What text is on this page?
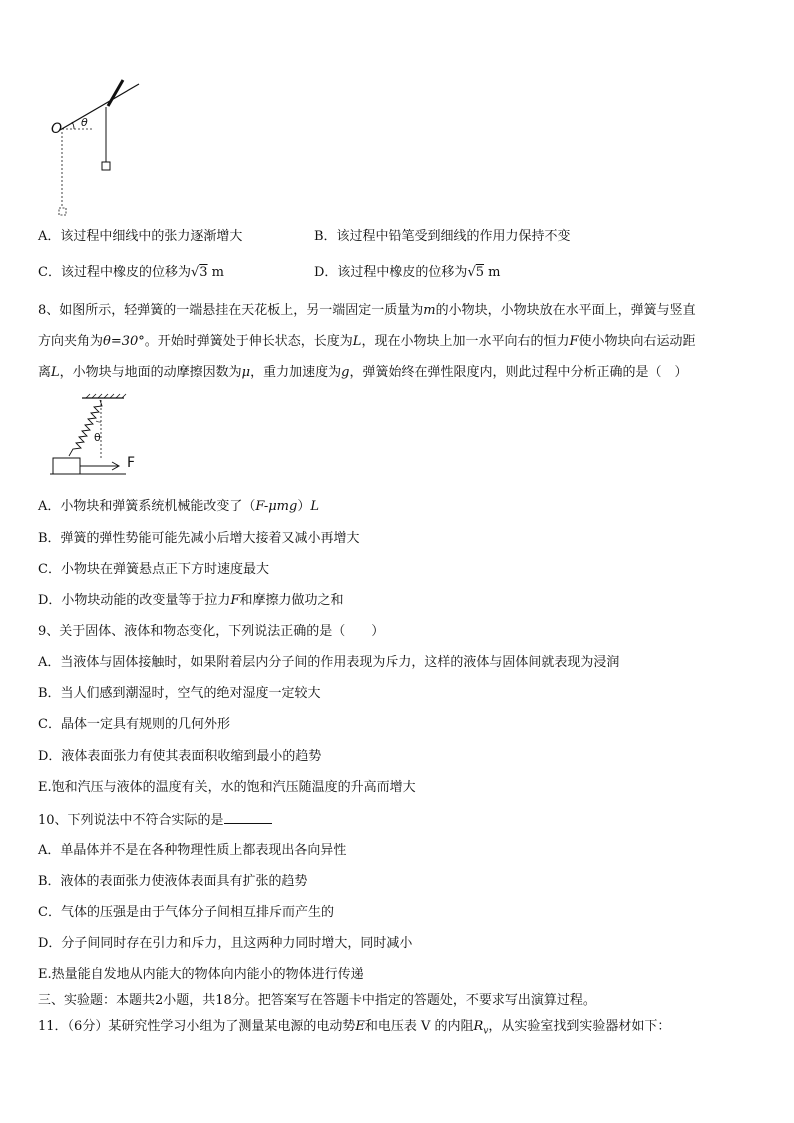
O θ
A．该过程中细线中的张力逐渐增大	B．该过程中铅笔受到细线的作用力保持不变
C．该过程中橡皮的位移为√3 m	D．该过程中橡皮的位移为√5 m
8、如图所示，轻弹簧的一端悬挂在天花板上，另一端固定一质量为m的小物块，小物块放在水平面上，弹簧与竖直
方向夹角为θ=30°。开始时弹簧处于伸长状态，长度为L，现在小物块上加一水平向右的恒力F使小物块向右运动距
离L，小物块与地面的动摩擦因数为μ，重力加速度为g，弹簧始终在弹性限度内，则此过程中分析正确的是（　）
θ
F
A．小物块和弹簧系统机械能改变了（F-μmg）L
B．弹簧的弹性势能可能先减小后增大接着又减小再增大
C．小物块在弹簧悬点正下方时速度最大
D．小物块动能的改变量等于拉力F和摩擦力做功之和
9、关于固体、液体和物态变化，下列说法正确的是（　　）
A．当液体与固体接触时，如果附着层内分子间的作用表现为斥力，这样的液体与固体间就表现为浸润
B．当人们感到潮湿时，空气的绝对湿度一定较大
C．晶体一定具有规则的几何外形
D．液体表面张力有使其表面积收缩到最小的趋势
E.饱和汽压与液体的温度有关，水的饱和汽压随温度的升高而增大
10、下列说法中不符合实际的是
A．单晶体并不是在各种物理性质上都表现出各向异性
B．液体的表面张力使液体表面具有扩张的趋势
C．气体的压强是由于气体分子间相互排斥而产生的
D．分子间同时存在引力和斥力，且这两种力同时增大，同时减小
E.热量能自发地从内能大的物体向内能小的物体进行传递
三、实验题：本题共2小题，共18分。把答案写在答题卡中指定的答题处，不要求写出演算过程。
11．（6分）某研究性学习小组为了测量某电源的电动势E和电压表 V 的内阻$R_v$，从实验室找到实验器材如下：
